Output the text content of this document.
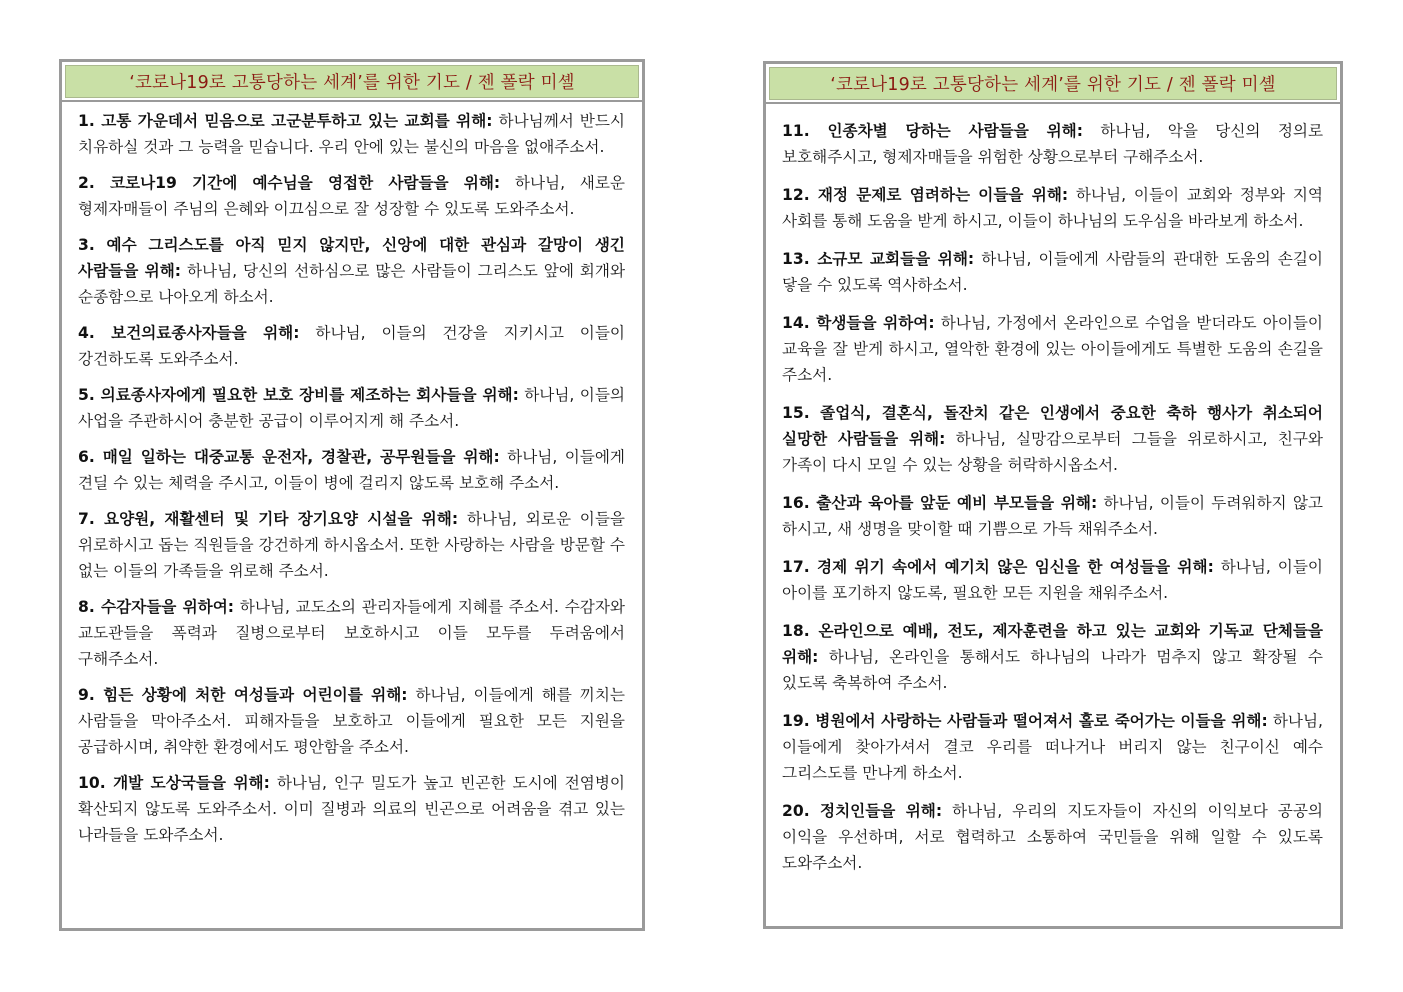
‘코로나19로 고통당하는 세계’를 위한 기도 / 젠 폴락 미셸

1. 고통 가운데서 믿음으로 고군분투하고 있는 교회를 위해: 하나님께서 반드시 치유하실 것과 그 능력을 믿습니다. 우리 안에 있는 불신의 마음을 없애주소서.

2. 코로나19 기간에 예수님을 영접한 사람들을 위해: 하나님, 새로운 형제자매들이 주님의 은혜와 이끄심으로 잘 성장할 수 있도록 도와주소서.

3. 예수 그리스도를 아직 믿지 않지만, 신앙에 대한 관심과 갈망이 생긴 사람들을 위해: 하나님, 당신의 선하심으로 많은 사람들이 그리스도 앞에 회개와 순종함으로 나아오게 하소서.

4. 보건의료종사자들을 위해: 하나님, 이들의 건강을 지키시고 이들이 강건하도록 도와주소서.

5. 의료종사자에게 필요한 보호 장비를 제조하는 회사들을 위해: 하나님, 이들의 사업을 주관하시어 충분한 공급이 이루어지게 해 주소서.

6. 매일 일하는 대중교통 운전자, 경찰관, 공무원들을 위해: 하나님, 이들에게 견딜 수 있는 체력을 주시고, 이들이 병에 걸리지 않도록 보호해 주소서.

7. 요양원, 재활센터 및 기타 장기요양 시설을 위해: 하나님, 외로운 이들을 위로하시고 돕는 직원들을 강건하게 하시옵소서. 또한 사랑하는 사람을 방문할 수 없는 이들의 가족들을 위로해 주소서.

8. 수감자들을 위하여: 하나님, 교도소의 관리자들에게 지혜를 주소서. 수감자와 교도관들을 폭력과 질병으로부터 보호하시고 이들 모두를 두려움에서 구해주소서.

9. 힘든 상황에 처한 여성들과 어린이를 위해: 하나님, 이들에게 해를 끼치는 사람들을 막아주소서. 피해자들을 보호하고 이들에게 필요한 모든 지원을 공급하시며, 취약한 환경에서도 평안함을 주소서.

10. 개발 도상국들을 위해: 하나님, 인구 밀도가 높고 빈곤한 도시에 전염병이 확산되지 않도록 도와주소서. 이미 질병과 의료의 빈곤으로 어려움을 겪고 있는 나라들을 도와주소서.

‘코로나19로 고통당하는 세계’를 위한 기도 / 젠 폴락 미셸

11. 인종차별 당하는 사람들을 위해: 하나님, 악을 당신의 정의로 보호해주시고, 형제자매들을 위험한 상황으로부터 구해주소서.

12. 재정 문제로 염려하는 이들을 위해: 하나님, 이들이 교회와 정부와 지역 사회를 통해 도움을 받게 하시고, 이들이 하나님의 도우심을 바라보게 하소서.

13. 소규모 교회들을 위해: 하나님, 이들에게 사람들의 관대한 도움의 손길이 닿을 수 있도록 역사하소서.

14. 학생들을 위하여: 하나님, 가정에서 온라인으로 수업을 받더라도 아이들이 교육을 잘 받게 하시고, 열악한 환경에 있는 아이들에게도 특별한 도움의 손길을 주소서.

15. 졸업식, 결혼식, 돌잔치 같은 인생에서 중요한 축하 행사가 취소되어 실망한 사람들을 위해: 하나님, 실망감으로부터 그들을 위로하시고, 친구와 가족이 다시 모일 수 있는 상황을 허락하시옵소서.

16. 출산과 육아를 앞둔 예비 부모들을 위해: 하나님, 이들이 두려워하지 않고 하시고, 새 생명을 맞이할 때 기쁨으로 가득 채워주소서.

17. 경제 위기 속에서 예기치 않은 임신을 한 여성들을 위해: 하나님, 이들이 아이를 포기하지 않도록, 필요한 모든 지원을 채워주소서.

18. 온라인으로 예배, 전도, 제자훈련을 하고 있는 교회와 기독교 단체들을 위해: 하나님, 온라인을 통해서도 하나님의 나라가 멈추지 않고 확장될 수 있도록 축복하여 주소서.

19. 병원에서 사랑하는 사람들과 떨어져서 홀로 죽어가는 이들을 위해: 하나님, 이들에게 찾아가셔서 결코 우리를 떠나거나 버리지 않는 친구이신 예수 그리스도를 만나게 하소서.

20. 정치인들을 위해: 하나님, 우리의 지도자들이 자신의 이익보다 공공의 이익을 우선하며, 서로 협력하고 소통하여 국민들을 위해 일할 수 있도록 도와주소서.
